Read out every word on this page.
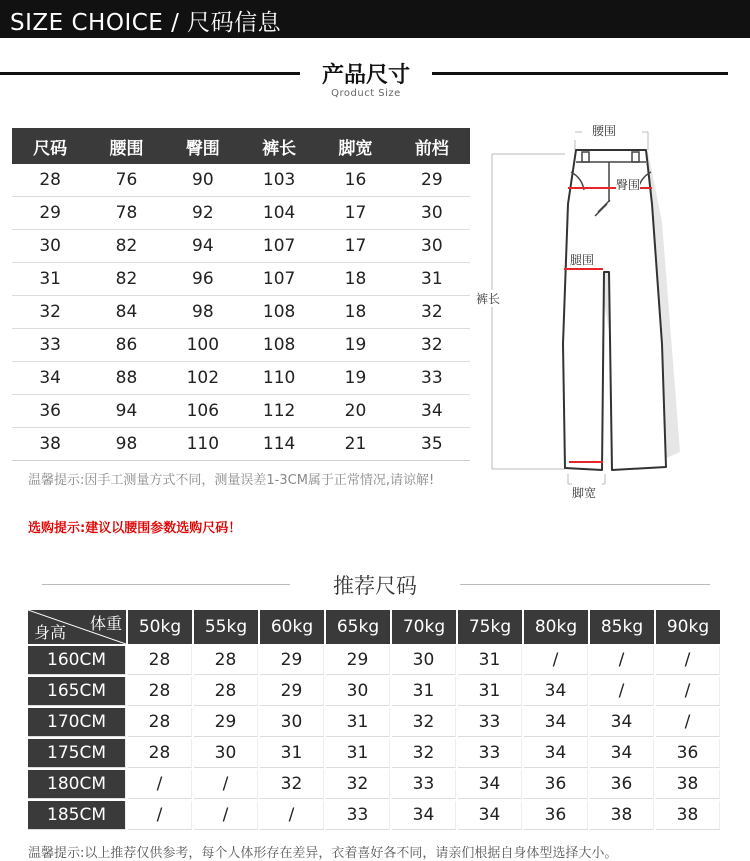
SIZE CHOICE / 尺码信息
产品尺寸
Qroduct Size
尺码	腰围	臀围	裤长	脚宽	前档
28	76	90	103	16	29
29	78	92	104	17	30
30	82	94	107	17	30
31	82	96	107	18	31
32	84	98	108	18	32
33	86	100	108	19	32
34	88	102	110	19	33
36	94	106	112	20	34
38	98	110	114	21	35
温馨提示:因手工测量方式不同，测量误差1-3CM属于正常情况,请谅解!
选购提示:建议以腰围参数选购尺码！
腰围
臀围
腿围
裤长
脚宽
推荐尺码
体重
身高	50kg	55kg	60kg	65kg	70kg	75kg	80kg	85kg	90kg
160CM	28	28	29	29	30	31	/	/	/
165CM	28	28	29	30	31	31	34	/	/
170CM	28	29	30	31	32	33	34	34	/
175CM	28	30	31	31	32	33	34	34	36
180CM	/	/	32	32	33	34	36	36	38
185CM	/	/	/	33	34	34	36	38	38
温馨提示:以上推荐仅供参考，每个人体形存在差异，衣着喜好各不同，请亲们根据自身体型选择大小。
